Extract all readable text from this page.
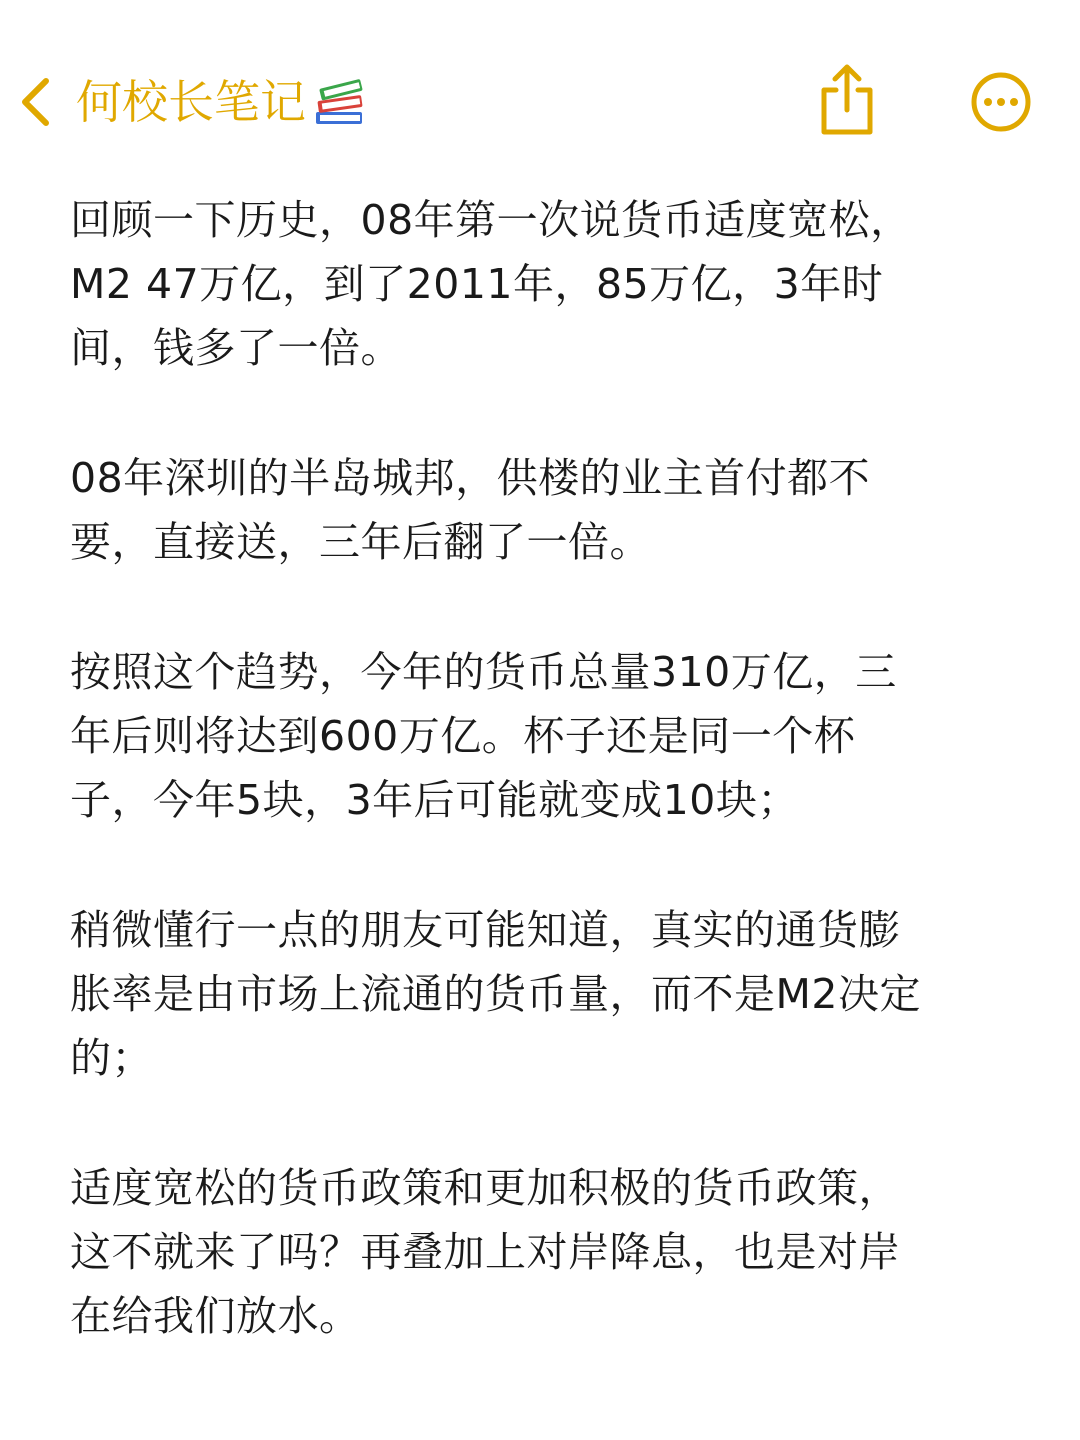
何校长笔记

回顾一下历史，08年第一次说货币适度宽松，
M2 47万亿，到了2011年，85万亿，3年时
间，钱多了一倍。

08年深圳的半岛城邦，供楼的业主首付都不
要，直接送，三年后翻了一倍。

按照这个趋势，今年的货币总量310万亿，三
年后则将达到600万亿。杯子还是同一个杯
子，今年5块，3年后可能就变成10块；

稍微懂行一点的朋友可能知道，真实的通货膨
胀率是由市场上流通的货币量，而不是M2决定
的；

适度宽松的货币政策和更加积极的货币政策，
这不就来了吗？再叠加上对岸降息，也是对岸
在给我们放水。
